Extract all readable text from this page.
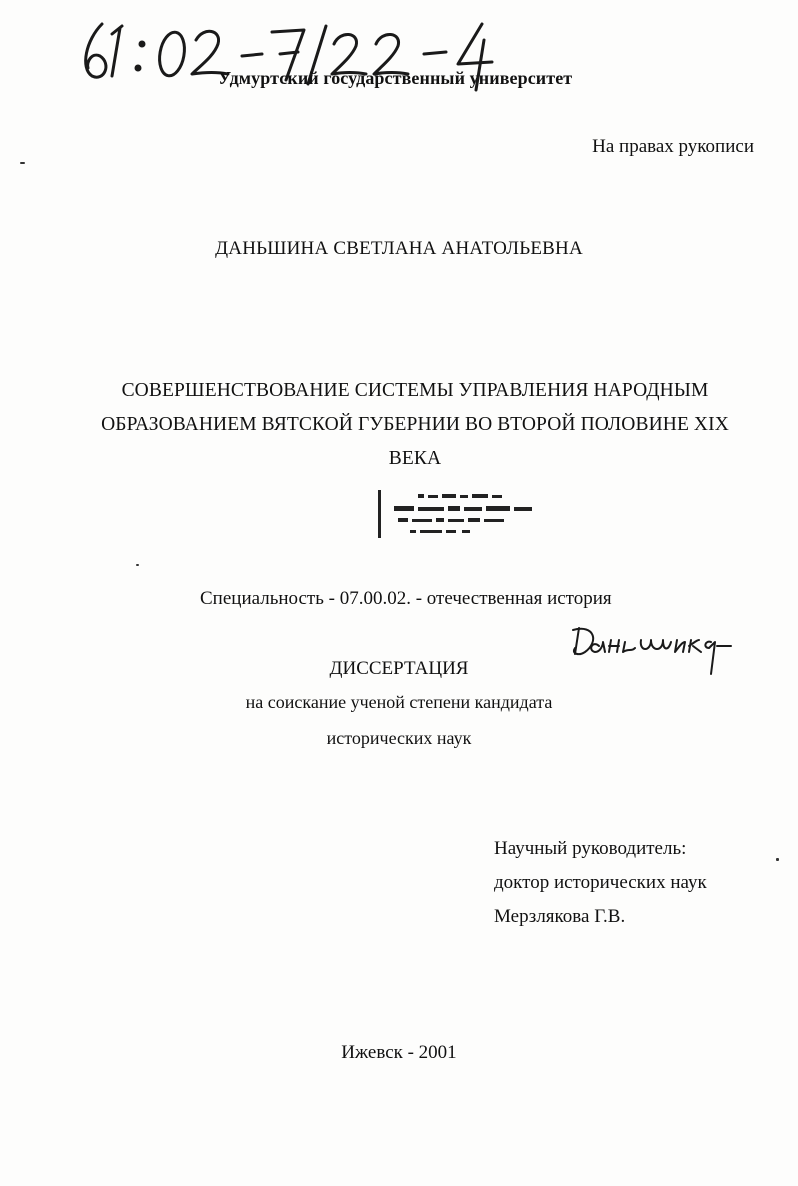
Удмуртский государственный университет
На правах рукописи
ДАНЬШИНА СВЕТЛАНА АНАТОЛЬЕВНА
СОВЕРШЕНСТВОВАНИЕ СИСТЕМЫ УПРАВЛЕНИЯ НАРОДНЫМ
ОБРАЗОВАНИЕМ ВЯТСКОЙ ГУБЕРНИИ ВО ВТОРОЙ ПОЛОВИНЕ XIX
ВЕКА
Специальность - 07.00.02. - отечественная история
ДИССЕРТАЦИЯ
на соискание ученой степени кандидата
исторических наук
Научный руководитель:
доктор исторических наук
Мерзлякова Г.В.
Ижевск - 2001
